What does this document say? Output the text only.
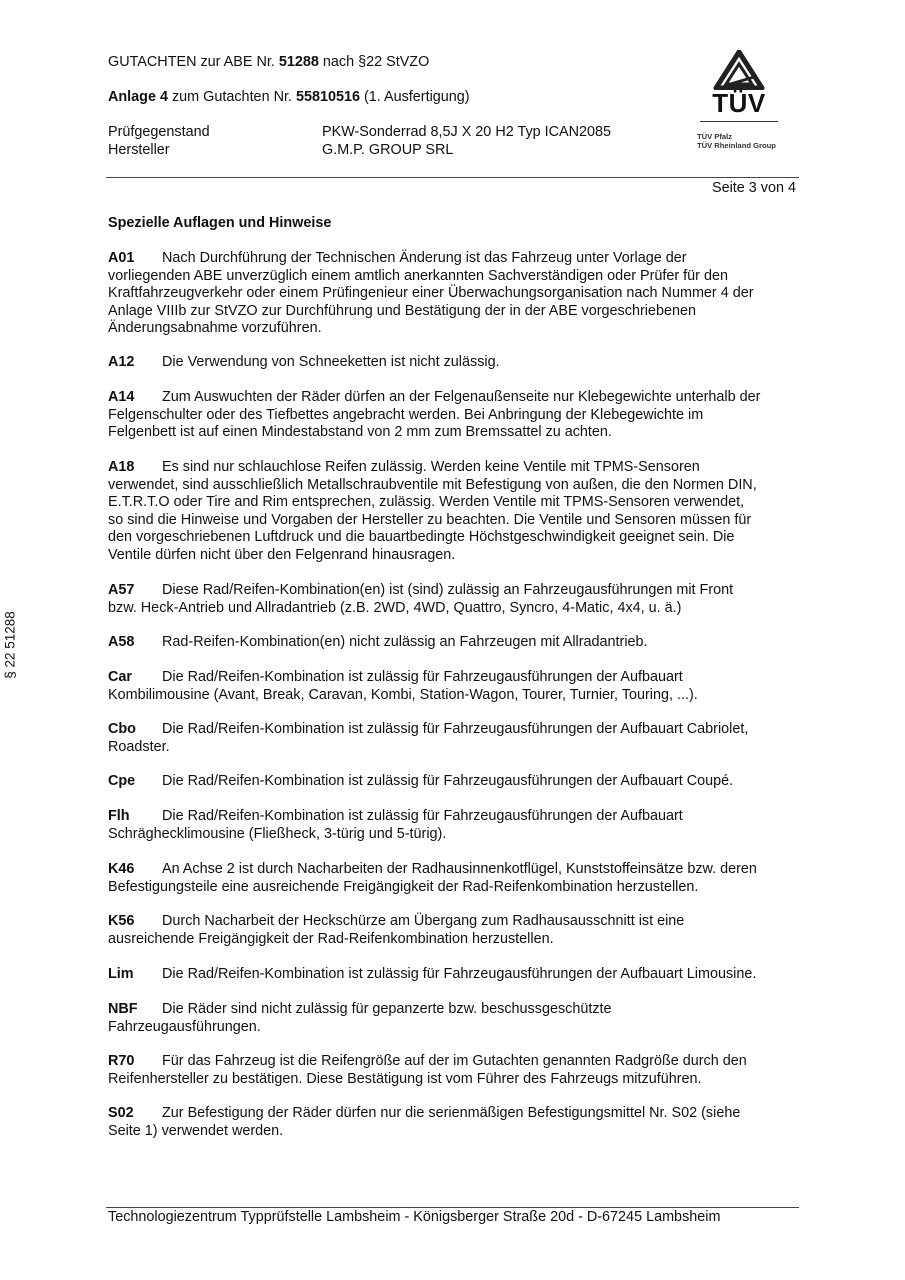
GUTACHTEN zur ABE Nr. 51288 nach §22 StVZO
Anlage 4 zum Gutachten Nr. 55810516 (1. Ausfertigung)
Prüfgegenstand	PKW-Sonderrad 8,5J X 20 H2 Typ ICAN2085
Hersteller	G.M.P. GROUP SRL
TÜV
TÜV Pfalz
TÜV Rheinland Group
Seite 3 von 4
Spezielle Auflagen und Hinweise
A01 Nach Durchführung der Technischen Änderung ist das Fahrzeug unter Vorlage der
vorliegenden ABE unverzüglich einem amtlich anerkannten Sachverständigen oder Prüfer für den
Kraftfahrzeugverkehr oder einem Prüfingenieur einer Überwachungsorganisation nach Nummer 4 der
Anlage VIIIb zur StVZO zur Durchführung und Bestätigung der in der ABE vorgeschriebenen
Änderungsabnahme vorzuführen.
A12 Die Verwendung von Schneeketten ist nicht zulässig.
A14 Zum Auswuchten der Räder dürfen an der Felgenaußenseite nur Klebegewichte unterhalb der
Felgenschulter oder des Tiefbettes angebracht werden. Bei Anbringung der Klebegewichte im
Felgenbett ist auf einen Mindestabstand von 2 mm zum Bremssattel zu achten.
A18 Es sind nur schlauchlose Reifen zulässig. Werden keine Ventile mit TPMS-Sensoren
verwendet, sind ausschließlich Metallschraubventile mit Befestigung von außen, die den Normen DIN,
E.T.R.T.O oder Tire and Rim entsprechen, zulässig. Werden Ventile mit TPMS-Sensoren verwendet,
so sind die Hinweise und Vorgaben der Hersteller zu beachten. Die Ventile und Sensoren müssen für
den vorgeschriebenen Luftdruck und die bauartbedingte Höchstgeschwindigkeit geeignet sein. Die
Ventile dürfen nicht über den Felgenrand hinausragen.
A57 Diese Rad/Reifen-Kombination(en) ist (sind) zulässig an Fahrzeugausführungen mit Front
bzw. Heck-Antrieb und Allradantrieb (z.B. 2WD, 4WD, Quattro, Syncro, 4-Matic, 4x4, u. ä.)
A58 Rad-Reifen-Kombination(en) nicht zulässig an Fahrzeugen mit Allradantrieb.
Car Die Rad/Reifen-Kombination ist zulässig für Fahrzeugausführungen der Aufbauart
Kombilimousine (Avant, Break, Caravan, Kombi, Station-Wagon, Tourer, Turnier, Touring, ...).
Cbo Die Rad/Reifen-Kombination ist zulässig für Fahrzeugausführungen der Aufbauart Cabriolet,
Roadster.
Cpe Die Rad/Reifen-Kombination ist zulässig für Fahrzeugausführungen der Aufbauart Coupé.
Flh Die Rad/Reifen-Kombination ist zulässig für Fahrzeugausführungen der Aufbauart
Schräghecklimousine (Fließheck, 3-türig und 5-türig).
K46 An Achse 2 ist durch Nacharbeiten der Radhausinnenkotflügel, Kunststoffeinsätze bzw. deren
Befestigungsteile eine ausreichende Freigängigkeit der Rad-Reifenkombination herzustellen.
K56 Durch Nacharbeit der Heckschürze am Übergang zum Radhausausschnitt ist eine
ausreichende Freigängigkeit der Rad-Reifenkombination herzustellen.
Lim Die Rad/Reifen-Kombination ist zulässig für Fahrzeugausführungen der Aufbauart Limousine.
NBF Die Räder sind nicht zulässig für gepanzerte bzw. beschussgeschützte
Fahrzeugausführungen.
R70 Für das Fahrzeug ist die Reifengröße auf der im Gutachten genannten Radgröße durch den
Reifenhersteller zu bestätigen. Diese Bestätigung ist vom Führer des Fahrzeugs mitzuführen.
S02 Zur Befestigung der Räder dürfen nur die serienmäßigen Befestigungsmittel Nr. S02 (siehe
Seite 1) verwendet werden.
§ 22 51288
Technologiezentrum Typprüfstelle Lambsheim - Königsberger Straße 20d - D-67245 Lambsheim
